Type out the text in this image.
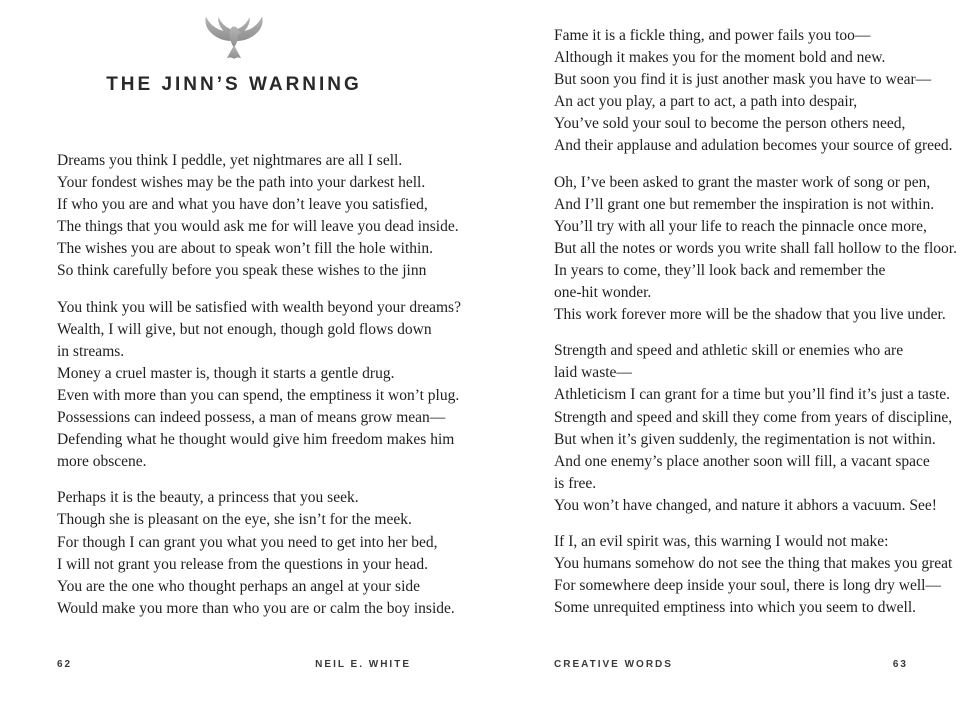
THE JINN’S WARNING
Dreams you think I peddle, yet nightmares are all I sell.
Your fondest wishes may be the path into your darkest hell.
If who you are and what you have don’t leave you satisfied,
The things that you would ask me for will leave you dead inside.
The wishes you are about to speak won’t fill the hole within.
So think carefully before you speak these wishes to the jinn
You think you will be satisfied with wealth beyond your dreams?
Wealth, I will give, but not enough, though gold flows down
in streams.
Money a cruel master is, though it starts a gentle drug.
Even with more than you can spend, the emptiness it won’t plug.
Possessions can indeed possess, a man of means grow mean—
Defending what he thought would give him freedom makes him
more obscene.
Perhaps it is the beauty, a princess that you seek.
Though she is pleasant on the eye, she isn’t for the meek.
For though I can grant you what you need to get into her bed,
I will not grant you release from the questions in your head.
You are the one who thought perhaps an angel at your side
Would make you more than who you are or calm the boy inside.
62	NEIL E. WHITE
Fame it is a fickle thing, and power fails you too—
Although it makes you for the moment bold and new.
But soon you find it is just another mask you have to wear—
An act you play, a part to act, a path into despair,
You’ve sold your soul to become the person others need,
And their applause and adulation becomes your source of greed.
Oh, I’ve been asked to grant the master work of song or pen,
And I’ll grant one but remember the inspiration is not within.
You’ll try with all your life to reach the pinnacle once more,
But all the notes or words you write shall fall hollow to the floor.
In years to come, they’ll look back and remember the
one-hit wonder.
This work forever more will be the shadow that you live under.
Strength and speed and athletic skill or enemies who are
laid waste—
Athleticism I can grant for a time but you’ll find it’s just a taste.
Strength and speed and skill they come from years of discipline,
But when it’s given suddenly, the regimentation is not within.
And one enemy’s place another soon will fill, a vacant space
is free.
You won’t have changed, and nature it abhors a vacuum. See!
If I, an evil spirit was, this warning I would not make:
You humans somehow do not see the thing that makes you great
For somewhere deep inside your soul, there is long dry well—
Some unrequited emptiness into which you seem to dwell.
CREATIVE WORDS	63
